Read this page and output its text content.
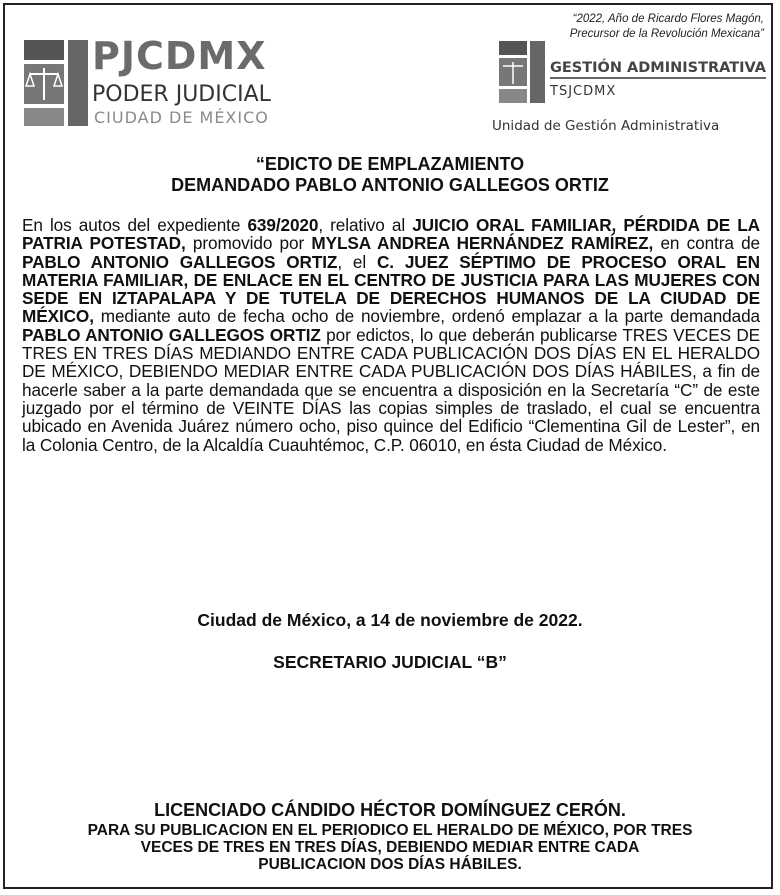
PJCDMX
PODER JUDICIAL
CIUDAD DE MÉXICO
“2022, Año de Ricardo Flores Magón,
Precursor de la Revolución Mexicana”
GESTIÓN ADMINISTRATIVA
TSJCDMX
Unidad de Gestión Administrativa
“EDICTO DE EMPLAZAMIENTO
DEMANDADO PABLO ANTONIO GALLEGOS ORTIZ
En los autos del expediente 639/2020, relativo al JUICIO ORAL FAMILIAR, PÉRDIDA DE LA PATRIA POTESTAD, promovido por MYLSA ANDREA HERNÁNDEZ RAMÍREZ, en contra de PABLO ANTONIO GALLEGOS ORTIZ, el C. JUEZ SÉPTIMO DE PROCESO ORAL EN MATERIA FAMILIAR, DE ENLACE EN EL CENTRO DE JUSTICIA PARA LAS MUJERES CON SEDE EN IZTAPALAPA Y DE TUTELA DE DERECHOS HUMANOS DE LA CIUDAD DE MÉXICO, mediante auto de fecha ocho de noviembre, ordenó emplazar a la parte demandada PABLO ANTONIO GALLEGOS ORTIZ por edictos, lo que deberán publicarse TRES VECES DE TRES EN TRES DÍAS MEDIANDO ENTRE CADA PUBLICACIÓN DOS DÍAS EN EL HERALDO DE MÉXICO, DEBIENDO MEDIAR ENTRE CADA PUBLICACIÓN DOS DÍAS HÁBILES, a fin de hacerle saber a la parte demandada que se encuentra a disposición en la Secretaría “C” de este juzgado por el término de VEINTE DÍAS las copias simples de traslado, el cual se encuentra ubicado en Avenida Juárez número ocho, piso quince del Edificio “Clementina Gil de Lester”, en la Colonia Centro, de la Alcaldía Cuauhtémoc, C.P. 06010, en ésta Ciudad de México.
Ciudad de México, a 14 de noviembre de 2022.
SECRETARIO JUDICIAL “B”
LICENCIADO CÁNDIDO HÉCTOR DOMÍNGUEZ CERÓN.
PARA SU PUBLICACION EN EL PERIODICO EL HERALDO DE MÉXICO, POR TRES
VECES DE TRES EN TRES DÍAS, DEBIENDO MEDIAR ENTRE CADA
PUBLICACION DOS DÍAS HÁBILES.
